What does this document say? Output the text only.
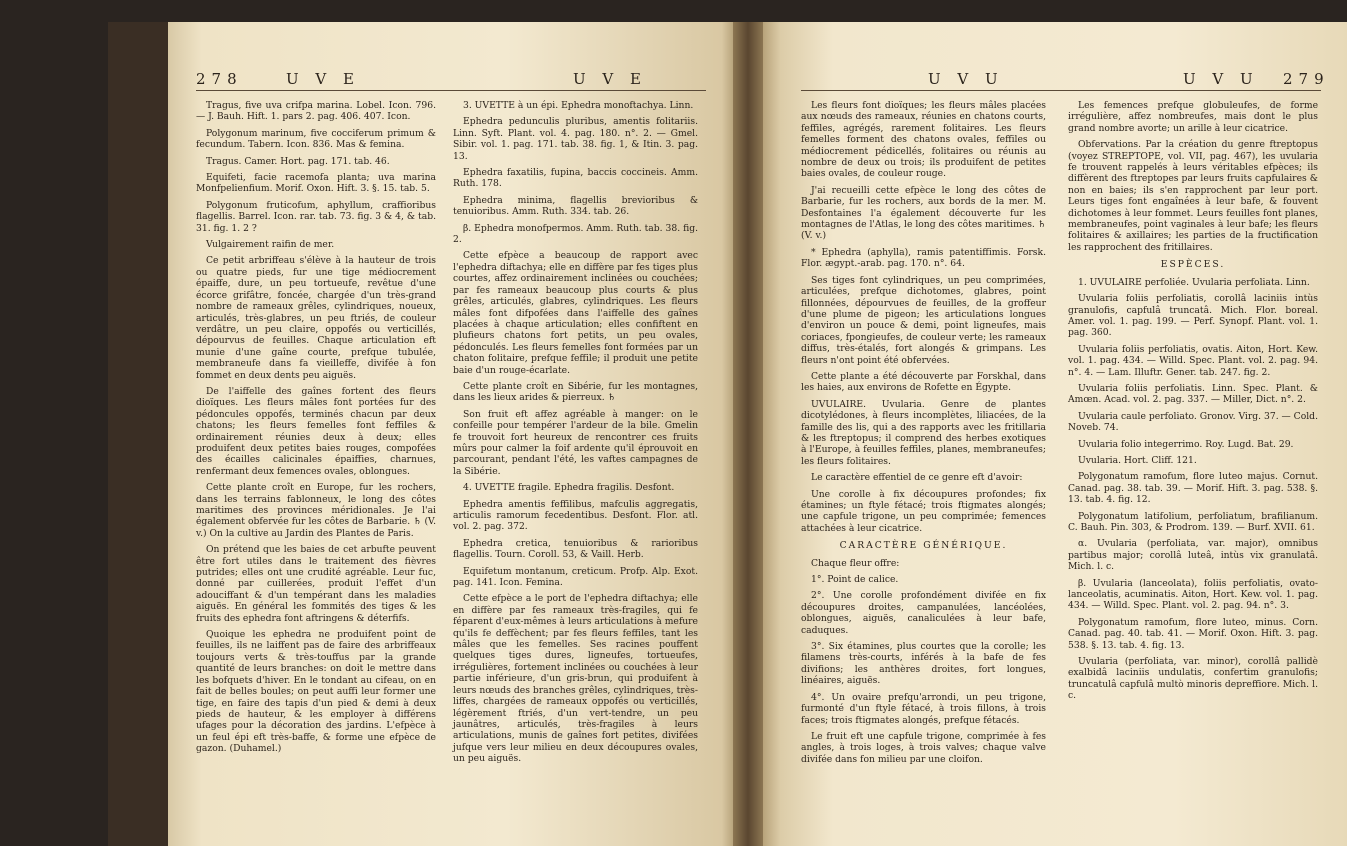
278	U V E	U V E

Tragus, five uva crifpa marina. Lobel. Icon. 796. — J. Bauh. Hift. 1. pars 2. pag. 406. 407. Icon.

Polygonum marinum, five cocciferum primum & fecundum. Tabern. Icon. 836. Mas & femina.

Tragus. Camer. Hort. pag. 171. tab. 46.

Equifeti, facie racemofa planta; uva marina Monfpelienfium. Morif. Oxon. Hift. 3. §. 15. tab. 5.

Polygonum fruticofum, aphyllum, craffioribus flagellis. Barrel. Icon. rar. tab. 73. fig. 3 & 4, & tab. 31. fig. 1. 2 ?

Vulgairement raifin de mer.

Ce petit arbriffeau s'élève à la hauteur de trois ou quatre pieds, fur une tige médiocrement épaiffe, dure, un peu tortueufe, revêtue d'une écorce grifâtre, foncée, chargée d'un très-grand nombre de rameaux grêles, cylindriques, noueux, articulés, très-glabres, un peu ftriés, de couleur verdâtre, un peu claire, oppofés ou verticillés, dépourvus de feuilles. Chaque articulation eft munie d'une gaîne courte, prefque tubulée, membraneufe dans fa vieilleffe, divifée à fon fommet en deux dents peu aiguës.

De l'aiffelle des gaînes fortent des fleurs dioïques. Les fleurs mâles font portées fur des pédoncules oppofés, terminés chacun par deux chatons; les fleurs femelles font feffiles & ordinairement réunies deux à deux; elles produifent deux petites baies rouges, compofées des écailles calicinales épaiffies, charnues, renfermant deux femences ovales, oblongues.

Cette plante croît en Europe, fur les rochers, dans les terrains fablonneux, le long des côtes maritimes des provinces méridionales. Je l'ai également obfervée fur les côtes de Barbarie. ♄ (V. v.) On la cultive au Jardin des Plantes de Paris.

On prétend que les baies de cet arbufte peuvent être fort utiles dans le traitement des fièvres putrides; elles ont une crudité agréable. Leur fuc, donné par cuillerées, produit l'effet d'un adouciffant & d'un tempérant dans les maladies aiguës. En général les fommités des tiges & les fruits des ephedra font aftringens & déterfifs.

Quoique les ephedra ne produifent point de feuilles, ils ne laiffent pas de faire des arbriffeaux toujours verts & très-touffus par la grande quantité de leurs branches: on doit le mettre dans les bofquets d'hiver. En le tondant au cifeau, on en fait de belles boules; on peut auffi leur former une tige, en faire des tapis d'un pied & demi à deux pieds de hauteur, & les employer à différens ufages pour la décoration des jardins. L'efpèce à un feul épi eft très-baffe, & forme une efpèce de gazon. (Duhamel.)

3. UVETTE à un épi. Ephedra monoftachya. Linn.

Ephedra pedunculis pluribus, amentis folitariis. Linn. Syft. Plant. vol. 4. pag. 180. n°. 2. — Gmel. Sibir. vol. 1. pag. 171. tab. 38. fig. 1, & Itin. 3. pag. 13.

Ephedra faxatilis, fupina, baccis coccineis. Amm. Ruth. 178.

Ephedra minima, flagellis brevioribus & tenuioribus. Amm. Ruth. 334. tab. 26.

β. Ephedra monofpermos. Amm. Ruth. tab. 38. fig. 2.

Cette efpèce a beaucoup de rapport avec l'ephedra diftachya; elle en diffère par fes tiges plus courtes, affez ordinairement inclinées ou couchées; par fes rameaux beaucoup plus courts & plus grêles, articulés, glabres, cylindriques. Les fleurs mâles font difpofées dans l'aiffelle des gaînes placées à chaque articulation; elles confiftent en plufieurs chatons fort petits, un peu ovales, pédonculés. Les fleurs femelles font formées par un chaton folitaire, prefque feffile; il produit une petite baie d'un rouge-écarlate.

Cette plante croît en Sibérie, fur les montagnes, dans les lieux arides & pierreux. ♄

Son fruit eft affez agréable à manger: on le confeille pour tempérer l'ardeur de la bile. Gmelin fe trouvoit fort heureux de rencontrer ces fruits mûrs pour calmer la foif ardente qu'il éprouvoit en parcourant, pendant l'été, les vaftes campagnes de la Sibérie.

4. UVETTE fragile. Ephedra fragilis. Desfont.

Ephedra amentis feffilibus, mafculis aggregatis, articulis ramorum fecedentibus. Desfont. Flor. atl. vol. 2. pag. 372.

Ephedra cretica, tenuioribus & rarioribus flagellis. Tourn. Coroll. 53, & Vaill. Herb.

Equifetum montanum, creticum. Profp. Alp. Exot. pag. 141. Icon. Femina.

Cette efpèce a le port de l'ephedra diftachya; elle en diffère par fes rameaux très-fragiles, qui fe féparent d'eux-mêmes à leurs articulations à mefure qu'ils fe deffèchent; par fes fleurs feffiles, tant les mâles que les femelles. Ses racines pouffent quelques tiges dures, ligneufes, tortueufes, irrégulières, fortement inclinées ou couchées à leur partie inférieure, d'un gris-brun, qui produifent à leurs nœuds des branches grêles, cylindriques, très-liffes, chargées de rameaux oppofés ou verticillés, légèrement ftriés, d'un vert-tendre, un peu jaunâtres, articulés, très-fragiles à leurs articulations, munis de gaînes fort petites, divifées jufque vers leur milieu en deux découpures ovales, un peu aiguës.

U V U	U V U 279

Les fleurs font dioïques; les fleurs mâles placées aux nœuds des rameaux, réunies en chatons courts, feffiles, agrégés, rarement folitaires. Les fleurs femelles forment des chatons ovales, feffiles ou médiocrement pédicellés, folitaires ou réunis au nombre de deux ou trois; ils produifent de petites baies ovales, de couleur rouge.

J'ai recueilli cette efpèce le long des côtes de Barbarie, fur les rochers, aux bords de la mer. M. Desfontaines l'a également découverte fur les montagnes de l'Atlas, le long des côtes maritimes. ♄ (V. v.)

* Ephedra (aphylla), ramis patentiffimis. Forsk. Flor. ægypt.-arab. pag. 170. n°. 64.

Ses tiges font cylindriques, un peu comprimées, articulées, prefque dichotomes, glabres, point fillonnées, dépourvues de feuilles, de la groffeur d'une plume de pigeon; les articulations longues d'environ un pouce & demi, point ligneufes, mais coriaces, fpongieufes, de couleur verte; les rameaux diffus, très-étalés, fort alongés & grimpans. Les fleurs n'ont point été obfervées.

Cette plante a été découverte par Forskhal, dans les haies, aux environs de Rofette en Égypte.

UVULAIRE. Uvularia. Genre de plantes dicotylédones, à fleurs incomplètes, liliacées, de la famille des lis, qui a des rapports avec les fritillaria & les ftreptopus; il comprend des herbes exotiques à l'Europe, à feuilles feffiles, planes, membraneufes; les fleurs folitaires.

Le caractère effentiel de ce genre eft d'avoir:

Une corolle à fix découpures profondes; fix étamines; un ftyle fétacé; trois ftigmates alongés; une capfule trigone, un peu comprimée; femences attachées à leur cicatrice.

CARACTÈRE GÉNÉRIQUE.

Chaque fleur offre:

1°. Point de calice.

2°. Une corolle profondément divifée en fix découpures droites, campanulées, lancéolées, oblongues, aiguës, canaliculées à leur bafe, caduques.

3°. Six étamines, plus courtes que la corolle; les filamens très-courts, inférés à la bafe de fes divifions; les anthères droites, fort longues, linéaires, aiguës.

4°. Un ovaire prefqu'arrondi, un peu trigone, furmonté d'un ftyle fétacé, à trois fillons, à trois faces; trois ftigmates alongés, prefque fétacés.

Le fruit eft une capfule trigone, comprimée à fes angles, à trois loges, à trois valves; chaque valve divifée dans fon milieu par une cloifon.

Les femences prefque globuleufes, de forme irrégulière, affez nombreufes, mais dont le plus grand nombre avorte; un arille à leur cicatrice.

Obfervations. Par la création du genre ftreptopus (voyez STREPTOPE, vol. VII, pag. 467), les uvularia fe trouvent rappelés à leurs véritables efpèces; ils diffèrent des ftreptopes par leurs fruits capfulaires & non en baies; ils s'en rapprochent par leur port. Leurs tiges font engaînées à leur bafe, & fouvent dichotomes à leur fommet. Leurs feuilles font planes, membraneufes, point vaginales à leur bafe; les fleurs folitaires & axillaires; les parties de la fructification les rapprochent des fritillaires.

ESPÈCES.

1. UVULAIRE perfoliée. Uvularia perfoliata. Linn.

Uvularia foliis perfoliatis, corollâ laciniis intùs granulofis, capfulâ truncatâ. Mich. Flor. boreal. Amer. vol. 1. pag. 199. — Perf. Synopf. Plant. vol. 1. pag. 360.

Uvularia foliis perfoliatis, ovatis. Aiton, Hort. Kew. vol. 1. pag. 434. — Willd. Spec. Plant. vol. 2. pag. 94. n°. 4. — Lam. Illuftr. Gener. tab. 247. fig. 2.

Uvularia foliis perfoliatis. Linn. Spec. Plant. & Amœn. Acad. vol. 2. pag. 337. — Miller, Dict. n°. 2.

Uvularia caule perfoliato. Gronov. Virg. 37. — Cold. Noveb. 74.

Uvularia folio integerrimo. Roy. Lugd. Bat. 29.

Uvularia. Hort. Cliff. 121.

Polygonatum ramofum, flore luteo majus. Cornut. Canad. pag. 38. tab. 39. — Morif. Hift. 3. pag. 538. §. 13. tab. 4. fig. 12.

Polygonatum latifolium, perfoliatum, brafilianum. C. Bauh. Pin. 303, & Prodrom. 139. — Burf. XVII. 61.

α. Uvularia (perfoliata, var. major), omnibus partibus major; corollâ luteâ, intùs vix granulatâ. Mich. l. c.

β. Uvularia (lanceolata), foliis perfoliatis, ovato-lanceolatis, acuminatis. Aiton, Hort. Kew. vol. 1. pag. 434. — Willd. Spec. Plant. vol. 2. pag. 94. n°. 3.

Polygonatum ramofum, flore luteo, minus. Corn. Canad. pag. 40. tab. 41. — Morif. Oxon. Hift. 3. pag. 538. §. 13. tab. 4. fig. 13.

Uvularia (perfoliata, var. minor), corollâ pallidè exalbidâ laciniis undulatis, confertim granulofis; truncatulâ capfulâ multò minoris depreffiore. Mich. l. c.
